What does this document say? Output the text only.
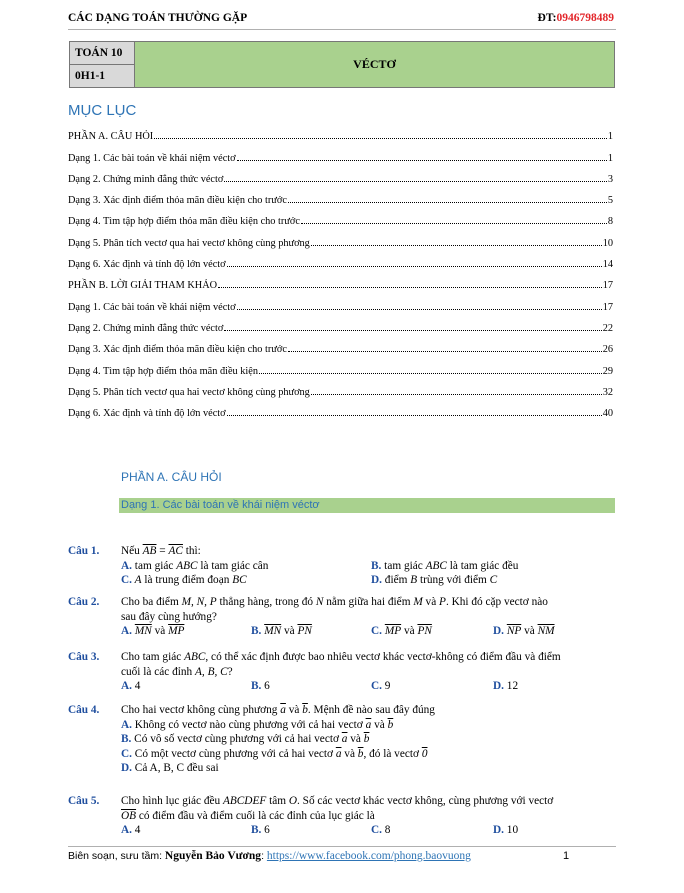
CÁC DẠNG TOÁN THƯỜNG GẶP	ĐT:0946798489
TOÁN 10	VÉCTƠ
0H1-1
MỤC LỤC
PHẦN A. CÂU HỎI	1
Dạng 1. Các bài toán về khái niệm véctơ	1
Dạng 2. Chứng minh đẳng thức véctơ	3
Dạng 3. Xác định điểm thỏa mãn điều kiện cho trước	5
Dạng 4. Tìm tập hợp điểm thỏa mãn điều kiện cho trước	8
Dạng 5. Phân tích vectơ qua hai vectơ không cùng phương	10
Dạng 6. Xác định và tính độ lớn véctơ	14
PHẦN B. LỜI GIẢI THAM KHẢO	17
Dạng 1. Các bài toán về khái niệm véctơ	17
Dạng 2. Chứng minh đẳng thức véctơ	22
Dạng 3. Xác định điểm thỏa mãn điều kiện cho trước	26
Dạng 4. Tìm tập hợp điểm thỏa mãn điều kiện	29
Dạng 5. Phân tích vectơ qua hai vectơ không cùng phương	32
Dạng 6. Xác định và tính độ lớn véctơ	40
PHẦN A. CÂU HỎI
Dạng 1. Các bài toán về khái niệm véctơ
Câu 1. Nếu $\overline{AB} = \overline{AC}$ thì:
A. tam giác ABC là tam giác cân	B. tam giác ABC là tam giác đều
C. A là trung điểm đoạn BC	D. điểm B trùng với điểm C
Câu 2. Cho ba điểm M, N, P thẳng hàng, trong đó N nằm giữa hai điểm M và P. Khi đó cặp vectơ nào
sau đây cùng hướng?
A. $\overline{MN}$ và $\overline{MP}$	B. $\overline{MN}$ và $\overline{PN}$	C. $\overline{MP}$ và $\overline{PN}$	D. $\overline{NP}$ và $\overline{NM}$
Câu 3. Cho tam giác ABC, có thể xác định được bao nhiêu vectơ khác vectơ-không có điểm đầu và điểm
cuối là các đỉnh A, B, C?
A. 4	B. 6	C. 9	D. 12
Câu 4. Cho hai vectơ không cùng phương $\overline{a}$ và $\overline{b}$. Mệnh đề nào sau đây đúng
A. Không có vectơ nào cùng phương với cả hai vectơ $\overline{a}$ và $\overline{b}$
B. Có vô số vectơ cùng phương với cả hai vectơ $\overline{a}$ và $\overline{b}$
C. Có một vectơ cùng phương với cả hai vectơ $\overline{a}$ và $\overline{b}$, đó là vectơ 0
D. Cả A, B, C đều sai
Câu 5. Cho hình lục giác đều ABCDEF tâm O. Số các vectơ khác vectơ không, cùng phương với vectơ
$\overline{OB}$ có điểm đầu và điểm cuối là các đỉnh của lục giác là
A. 4	B. 6	C. 8	D. 10
Biên soạn, sưu tầm: Nguyễn Bảo Vương: https://www.facebook.com/phong.baovuong	1
